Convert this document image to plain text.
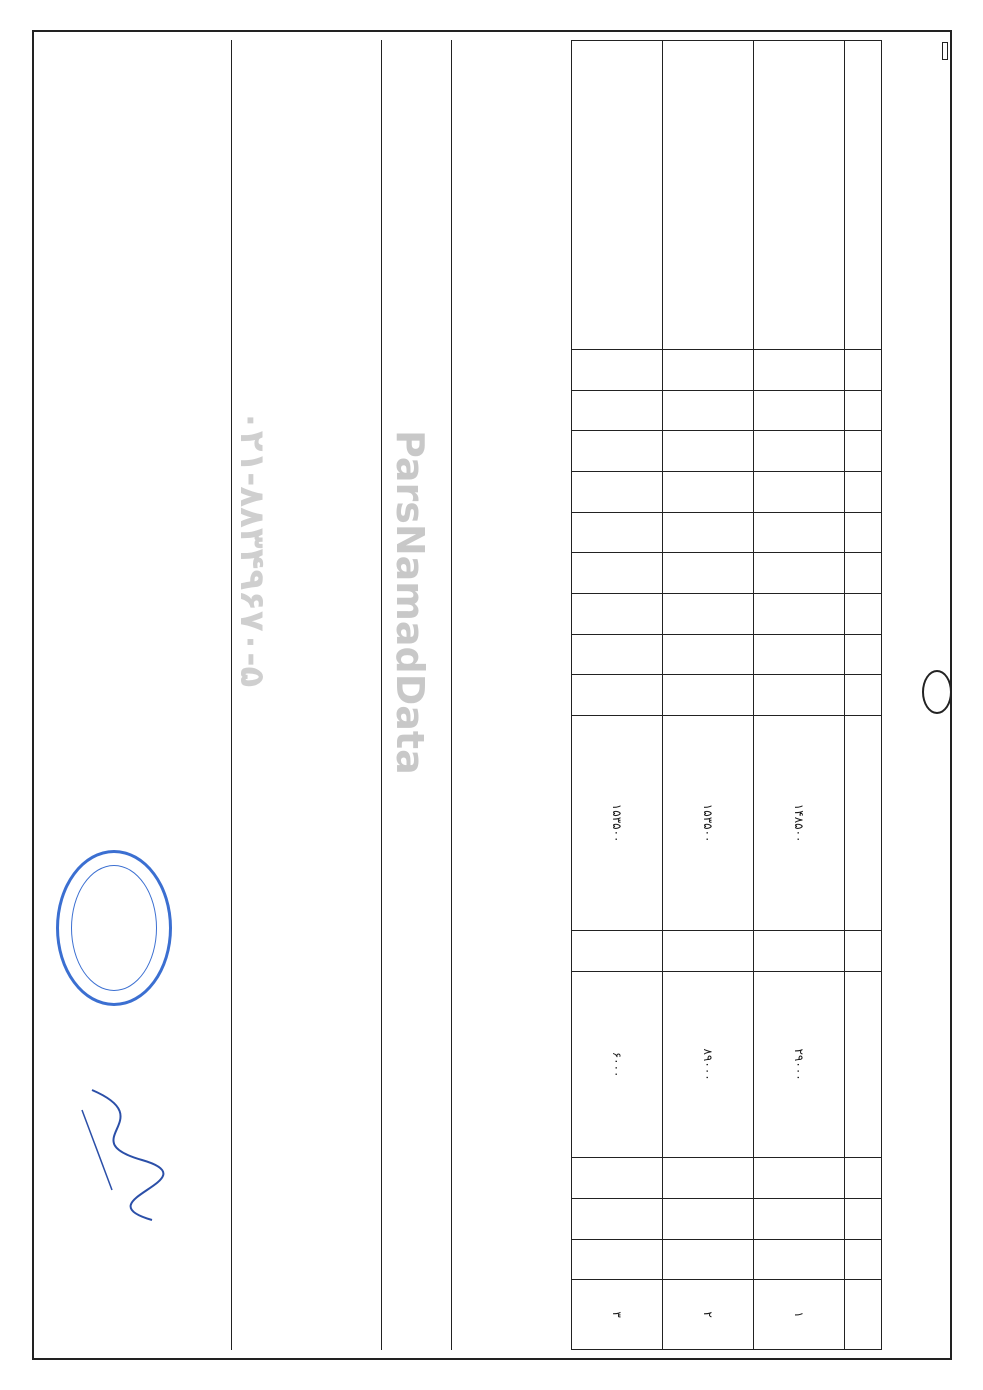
۱				۲۹۰۰۰		۱۴۸۵۰۰										
۲				۸۹۰۰۰		۱۵۳۵۰۰										
۳				۶۰۰۰		۱۵۳۵۰۰										
ParsNamadData
۰۲۱-۸۸۳۴۹۶۷۰-۵
